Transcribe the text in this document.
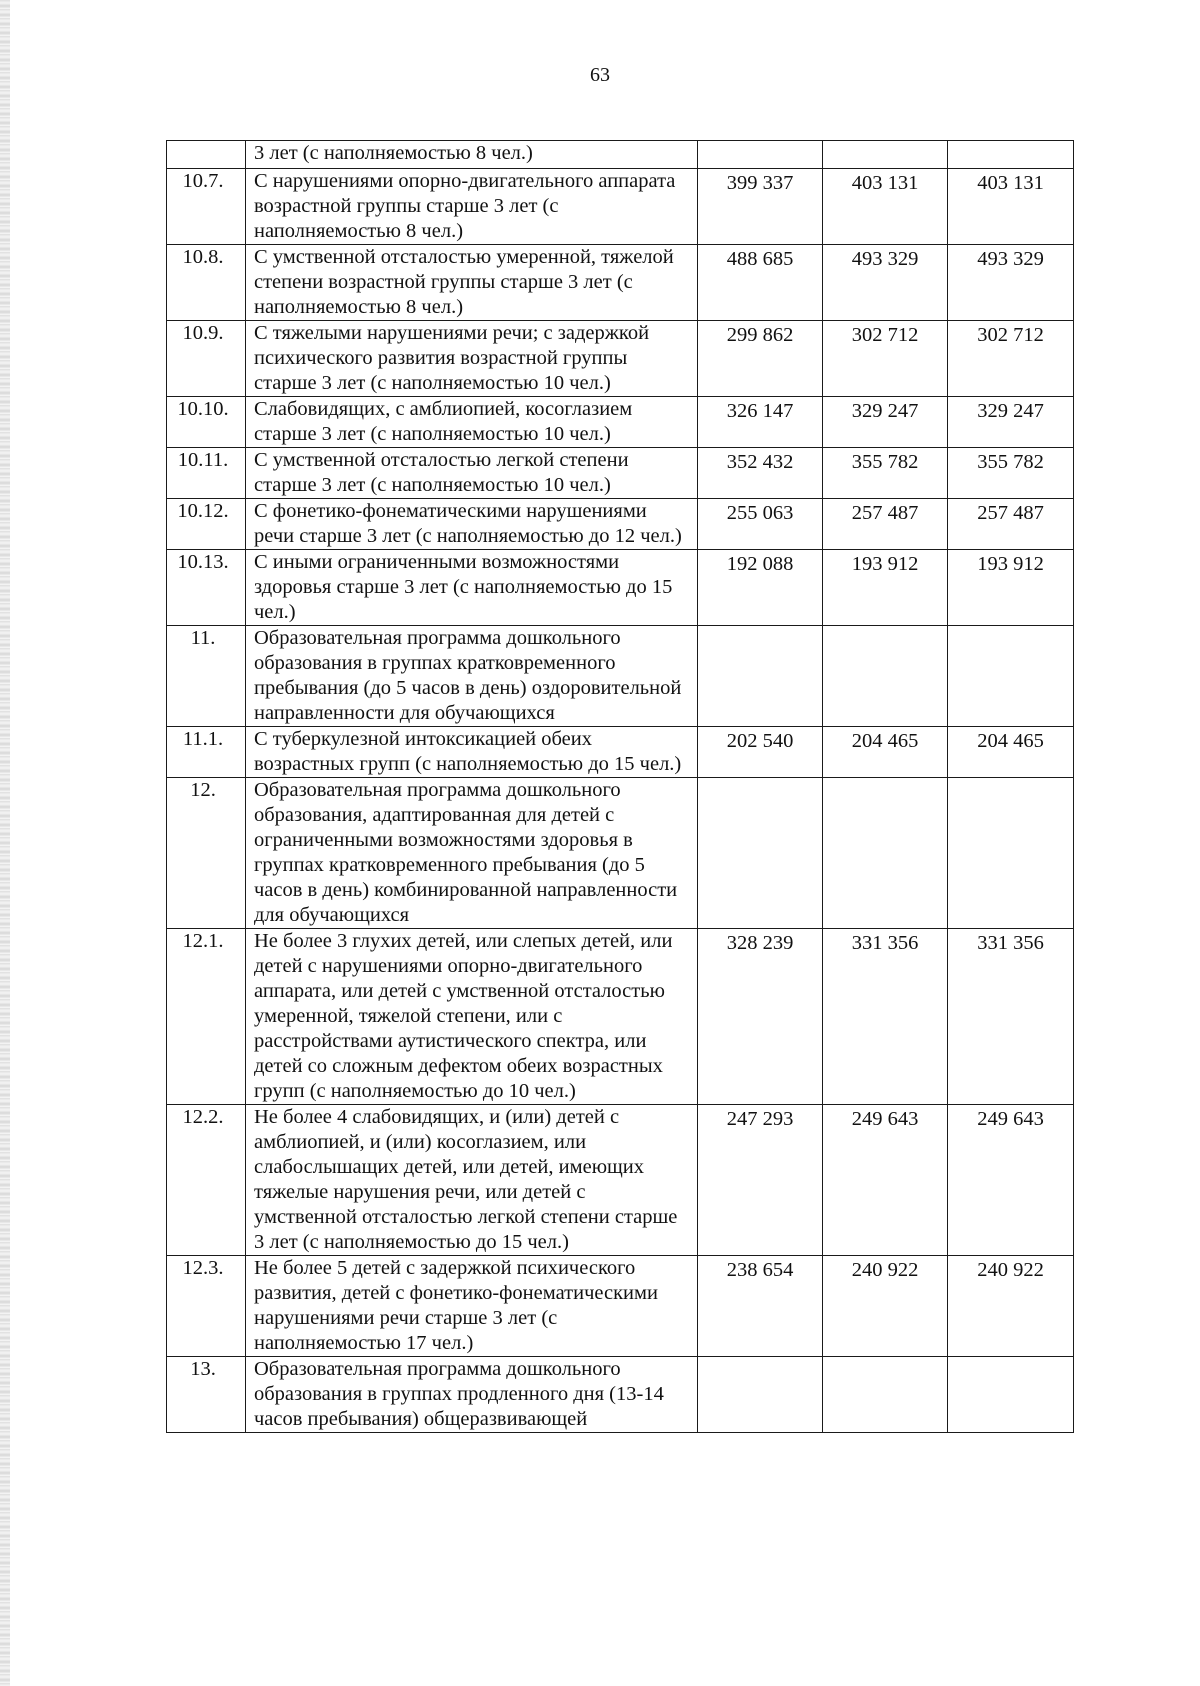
63
	3 лет (с наполняемостью 8 чел.)			
10.7.	С нарушениями опорно-двигательного аппарата возрастной группы старше 3 лет (с наполняемостью 8 чел.)	399 337	403 131	403 131
10.8.	С умственной отсталостью умеренной, тяжелой степени возрастной группы старше 3 лет (с наполняемостью 8 чел.)	488 685	493 329	493 329
10.9.	С тяжелыми нарушениями речи; с задержкой психического развития возрастной группы старше 3 лет (с наполняемостью 10 чел.)	299 862	302 712	302 712
10.10.	Слабовидящих, с амблиопией, косоглазием старше 3 лет (с наполняемостью 10 чел.)	326 147	329 247	329 247
10.11.	С умственной отсталостью легкой степени старше 3 лет (с наполняемостью 10 чел.)	352 432	355 782	355 782
10.12.	С фонетико-фонематическими нарушениями речи старше 3 лет (с наполняемостью до 12 чел.)	255 063	257 487	257 487
10.13.	С иными ограниченными возможностями здоровья старше 3 лет (с наполняемостью до 15 чел.)	192 088	193 912	193 912
11.	Образовательная программа дошкольного образования в группах кратковременного пребывания (до 5 часов в день) оздоровительной направленности для обучающихся			
11.1.	С туберкулезной интоксикацией обеих возрастных групп (с наполняемостью до 15 чел.)	202 540	204 465	204 465
12.	Образовательная программа дошкольного образования, адаптированная для детей с ограниченными возможностями здоровья в группах кратковременного пребывания (до 5 часов в день) комбинированной направленности для обучающихся			
12.1.	Не более 3 глухих детей, или слепых детей, или детей с нарушениями опорно-двигательного аппарата, или детей с умственной отсталостью умеренной, тяжелой степени, или с расстройствами аутистического спектра, или детей со сложным дефектом обеих возрастных групп (с наполняемостью до 10 чел.)	328 239	331 356	331 356
12.2.	Не более 4 слабовидящих, и (или) детей с амблиопией, и (или) косоглазием, или слабослышащих детей, или детей, имеющих тяжелые нарушения речи, или детей с умственной отсталостью легкой степени старше 3 лет (с наполняемостью до 15 чел.)	247 293	249 643	249 643
12.3.	Не более 5 детей с задержкой психического развития, детей с фонетико-фонематическими нарушениями речи старше 3 лет (с наполняемостью 17 чел.)	238 654	240 922	240 922
13.	Образовательная программа дошкольного образования в группах продленного дня (13-14 часов пребывания) общеразвивающей			
